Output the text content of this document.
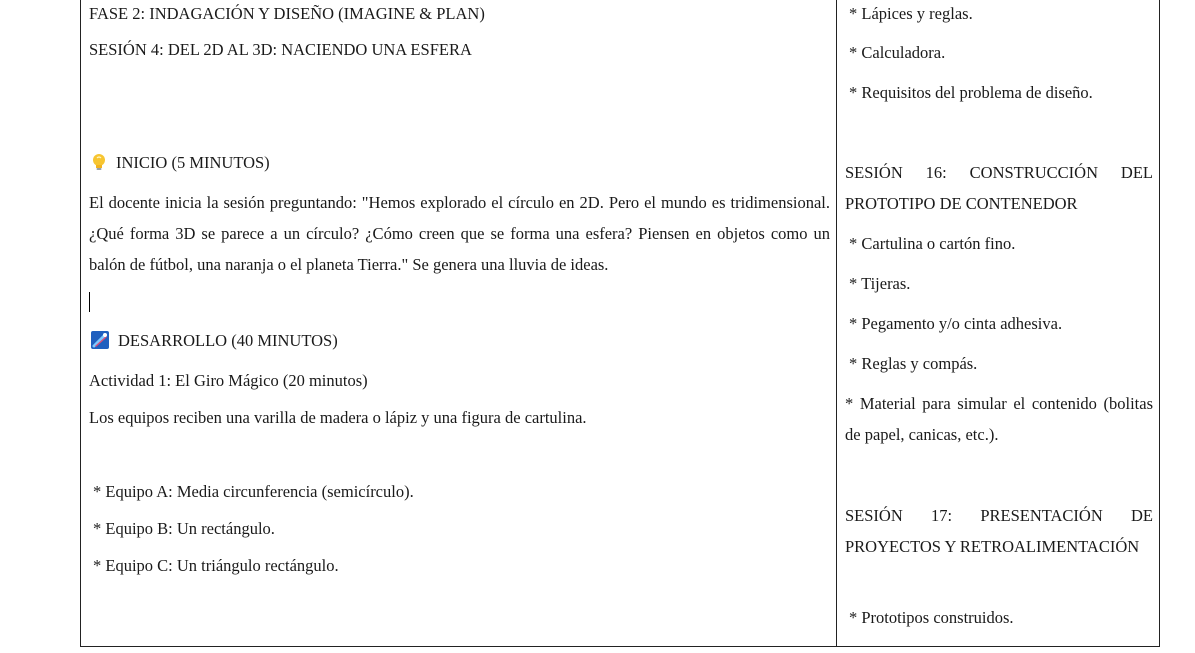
FASE 2: INDAGACIÓN Y DISEÑO (IMAGINE & PLAN)
SESIÓN 4: DEL 2D AL 3D: NACIENDO UNA ESFERA
INICIO (5 MINUTOS)
El docente inicia la sesión preguntando: "Hemos explorado el círculo en 2D. Pero el mundo es tridimensional. ¿Qué forma 3D se parece a un círculo? ¿Cómo creen que se forma una esfera? Piensen en objetos como un balón de fútbol, una naranja o el planeta Tierra." Se genera una lluvia de ideas.
DESARROLLO (40 MINUTOS)
Actividad 1: El Giro Mágico (20 minutos)
Los equipos reciben una varilla de madera o lápiz y una figura de cartulina.
* Equipo A: Media circunferencia (semicírculo).
* Equipo B: Un rectángulo.
* Equipo C: Un triángulo rectángulo.
* Lápices y reglas.
* Calculadora.
* Requisitos del problema de diseño.
SESIÓN 16: CONSTRUCCIÓN DEL PROTOTIPO DE CONTENEDOR
* Cartulina o cartón fino.
* Tijeras.
* Pegamento y/o cinta adhesiva.
* Reglas y compás.
* Material para simular el contenido (bolitas de papel, canicas, etc.).
SESIÓN 17: PRESENTACIÓN DE PROYECTOS Y RETROALIMENTACIÓN
* Prototipos construidos.
